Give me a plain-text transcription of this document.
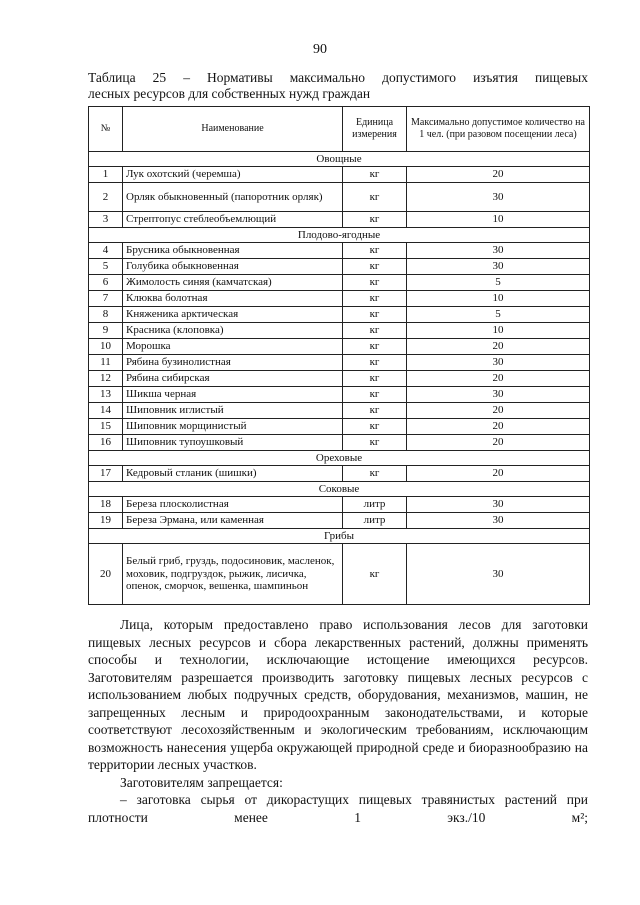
90
Таблица 25 – Нормативы максимально допустимого изъятия пищевых
лесных ресурсов для собственных нужд граждан
№	Наименование	Единица измерения	Максимально допустимое количество на 1 чел. (при разовом посещении леса)
Овощные			
1	Лук охотский (черемша)	кг	20
2	Орляк обыкновенный (папоротник орляк)	кг	30
3	Стрептопус стеблеобъемлющий	кг	10
Плодово-ягодные			
4	Брусника обыкновенная	кг	30
5	Голубика обыкновенная	кг	30
6	Жимолость синяя (камчатская)	кг	5
7	Клюква болотная	кг	10
8	Княженика арктическая	кг	5
9	Красника (клоповка)	кг	10
10	Морошка	кг	20
11	Рябина бузинолистная	кг	30
12	Рябина сибирская	кг	20
13	Шикша черная	кг	30
14	Шиповник иглистый	кг	20
15	Шиповник морщинистый	кг	20
16	Шиповник тупоушковый	кг	20
Ореховые			
17	Кедровый стланик (шишки)	кг	20
Соковые			
18	Береза плосколистная	литр	30
19	Береза Эрмана, или каменная	литр	30
Грибы			
20	Белый гриб, груздь, подосиновик, масленок, моховик, подгруздок, рыжик, лисичка, опенок, сморчок, вешенка, шампиньон	кг	30

Лица, которым предоставлено право использования лесов для заготовки пищевых лесных ресурсов и сбора лекарственных растений, должны применять способы и технологии, исключающие истощение имеющихся ресурсов. Заготовителям разрешается производить заготовку пищевых лесных ресурсов с использованием любых подручных средств, оборудования, механизмов, машин, не запрещенных лесным и природоохранным законодательствами, и которые соответствуют лесохозяйственным и экологическим требованиям, исключающим возможность нанесения ущерба окружающей природной среде и биоразнообразию на территории лесных участков.

Заготовителям запрещается:

– заготовка сырья от дикорастущих пищевых травянистых растений при плотности менее 1 экз./10 м²;
